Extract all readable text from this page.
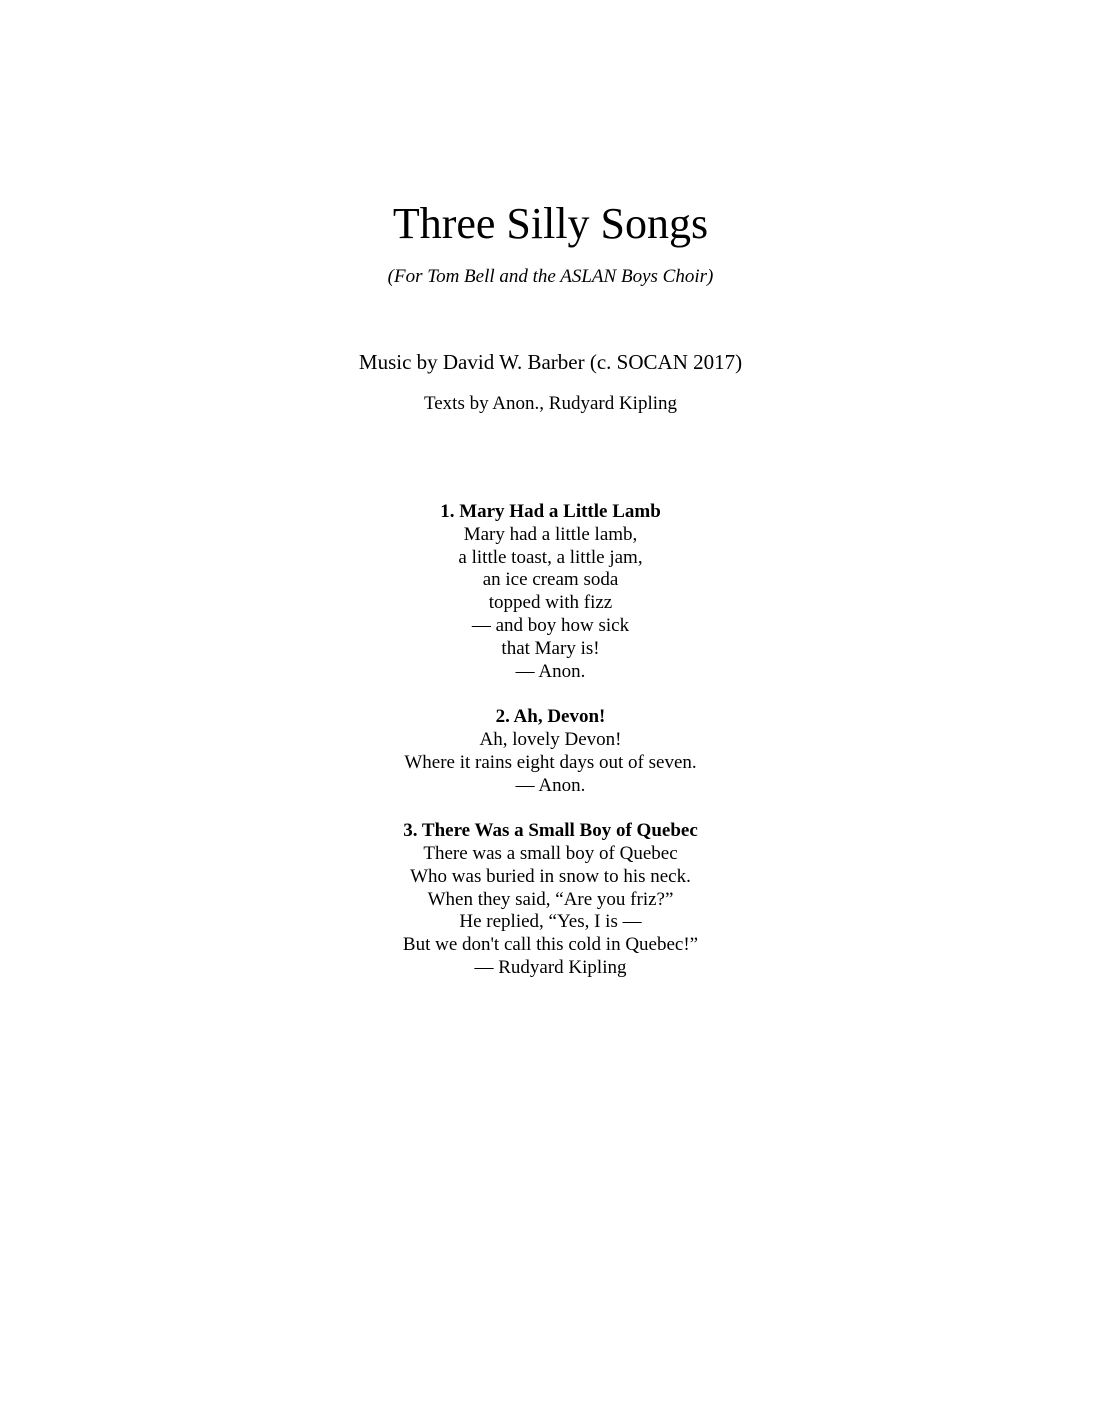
Three Silly Songs
(For Tom Bell and the ASLAN Boys Choir)
Music by David W. Barber (c. SOCAN 2017)
Texts by Anon., Rudyard Kipling
1. Mary Had a Little Lamb
Mary had a little lamb,
a little toast, a little jam,
an ice cream soda
topped with fizz
— and boy how sick
that Mary is!
— Anon.
2. Ah, Devon!
Ah, lovely Devon!
Where it rains eight days out of seven.
— Anon.
3. There Was a Small Boy of Quebec
There was a small boy of Quebec
Who was buried in snow to his neck.
When they said, “Are you friz?”
He replied, “Yes, I is —
But we don't call this cold in Quebec!”
— Rudyard Kipling
